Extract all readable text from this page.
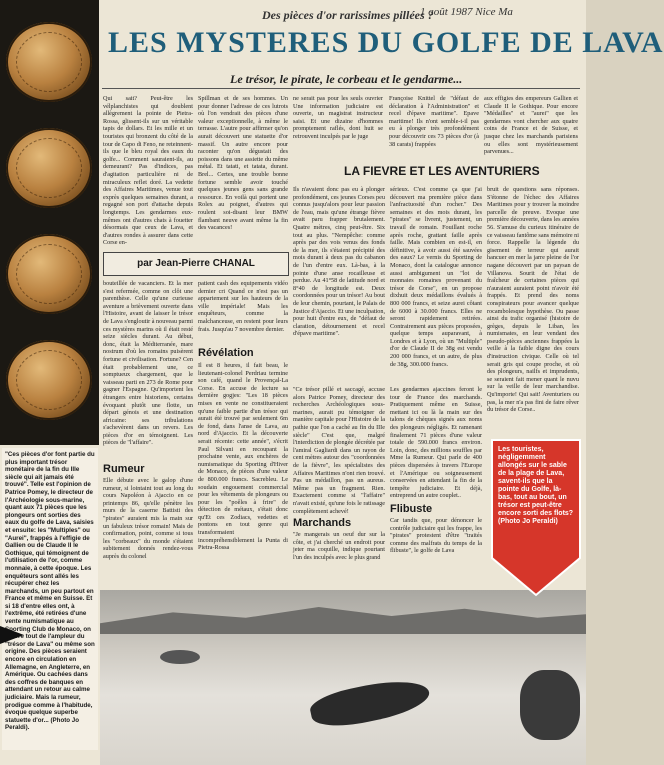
Des pièces d'or rarissimes pillées ?
1 août 1987 Nice Ma
LES MYSTERES DU GOLFE DE LAVA
Le trésor, le pirate, le corbeau et le gendarme...

Qui sait? Peut-être les vélplanchistes qui doublent allègrement la pointe de Pietra-Rossa, glissent-ils sur un véritable tapis de dollars. Et les mille et un touristes qui bronzent du côté de la tour de Capo di Feno, ne reteinnent-ils que le bleu royal des eaux du golfe... Comment sauraient-ils, au demeurant? Pas d'indices, pas d'agitation particulière ni de miraculeux reflet doré. La vedette des Affaires Maritimes, venue tout exprès quelques semaines durant, a regagné son port d'attache depuis longtemps. Les gendarmes eux-mêmes ont d'autres chats à fouetter désormais que ceux de Lava, et d'autres rondes à assurer dans cette Corse en-

Spillman et de ses hommes. Un pour donner l'adresse de ces lutrots où l'on vendrait des pièces d'une valeur exceptionnelle, à même le terrasse. L'autre pour affirmer qu'on aurait découvert une statuette d'or massif. Un autre encore pour raconter qu'on dégustait des poissons dans une assiette du même métal. Et tatati, et tatata, durant. Brel... Certes, une trouble bonne fortune semble avoir touché quelques jeunes gens sans grande ressource. En voilà qui portent une Rolex au poignet, d'autres qui roulent soi-disant leur BMW flambant neuve avant même la fin des vacances!

ne serait pas pour les seuls ouvrier Une information judiciaire est ouverte, un magistrat instructeur saisi. Et une dizaine d'hommes promptement raflés, dont huit se retrouvent inculpés par le juge

Françoise Knittel de "défaut de déclaration à l'Administration" et recel d'épave maritime". Epave maritime! Ils n'ont semble-t-il pas eu à plonger très profondément pour découvrir ces 73 pièces d'or (à 38 carats) frappées

aux effigies des empereurs Gallien et Claude II le Gothique. Pour encore "Médailles" et "aurei" que les gendarmes vont chercher aux quatre coins de France et de Suisse, et jusque chez les marchands parisiens ou elles sont mystérieusement parvenues...

par Jean-Pierre CHANAL

bouteillée de vacanciers. Et la mer s'est refermée, comme on clôt une parenthèse. Celle qu'une curieuse aventure a brièvement ouverte dans l'Histoire, avant de laisser le trésor de Lava s'engloutir à nouveau parmi ces mystères marins où il était resté seize siècles durant. Au début, donc, était la Méditerranée, mare nostrum d'où les romains puisèrent fortune et civilisation. Fortune? Cen était probablement une, ce somptueux chargement, que le vaisseau parti en 273 de Rome pour gagner l'Espagne. Qu'importent les étrangers entre historiens, certains évoquant plutôt une flotte, un départ génois et une destination africaine: ses tribulations s'achevèrent dans un revers. Les pièces d'or en témoignent. Les pièces de "l'affaire".

Rumeur

Elle débute avec le galop d'une rumeur, si lointaint tout au long du cours Napoléon à Ajaccio en ce printemps 86, qu'elle pénètre les murs de la caserne Battisti des "pirates" auraient mis la main sur un fabuleux trésor romain! Mais de confirmation, point, comme si tous les "corbeaux" du monde s'étaient subitement donnés rendez-vous auprès du colonel

patient cash des equipements vidéo dernier cri Quand ce n'est pas un appartement sur les hauteurs de la ville impériale! Mais les enquêteurs, comme la malchanceuse, en restent pour leurs frais. Jusqu'au 7 novembre dernier.

Révélation

Il est 8 heures, il fait beau, le lieutenant-colonel Perdriau termine son café, quand le Provençal-La Corse. En accuse de lecture sa dernière gogjes: "Les 18 pièces mises en vente ne constitueraient qu'une faible partie d'un trésor qui aurait été trouvé par seulement 6m de fond, dans l'anse de Lava, au nord d'Ajaccio. Et la découverte serait récente: cette année", s'écrit Paul Silvani en recoupant la prochaine vente, aux enchères de numismatique du Sporting d'Hiver de Monaco, de pièces d'une valeur de 800.000 francs. Sacrebleu. Le soudain engouement commercial pour les vêtements de plongeurs ou pour les "poêles à frire" de détection de métaux, s'était donc qu'Et ces Zodiacs, vedettes et pontons en tout genre qui transformaient incompréhensiblement la Punta di Pietra-Rossa

LA FIEVRE ET LES AVENTURIERS

Ils n'avaient donc pas eu à plonger profondément, ces jeunes Corses peu connus jusqu'alors pour leur passion de l'eau, mais qu'une étrange fièvre avait paru frapper brutalement. Quatre mètres, cinq peut-être. Six tout au plus. "Nempêche: comme après par des vois venus des fonds de la mer, ils s'étaient précipité des mois durant à deux pas du cabanon de l'un d'entre eux. Là-bas, à la pointe d'une anse rocailleuse et perdue. Au 41°58 de latitude nord et 8°40 de longitude est. Deux coordonnées pour un trésor! Au bout de leur chemin, pourtant, le Palais de Justice d'Ajaccio. Et une inculpation, pour huit d'entre eux, de "défaut de claration, détournement et recel d'épave maritime".

"Ce trésor pillé et saccagé, accuse alors Patrice Pomey, directeur des recherches Archéologiques sous-marines, aurait pu témoigner de manière capitale pour l'Histoire de la pathie que l'on a caché au fin du IIIe siècle" C'est que, malgré l'interdiction de plongée décrétée par l'amiral Gagliardi dans un rayon de cent mètres autour des "coordonnées de la fièvre", les spécialistes des Affaires Maritimes n'ont rien trouvé. Pas un médaillon, pas un aureus. Même pas un fragment. Rien. Exactement comme si "l'affaire" n'avait existé, qu'une fois le ratissage complètement achevé!

Marchands

"Je mangerais un oeuf dur sur la côte, et j'ai cherché un endroit pour jeter ma coquille, indique pourtant l'un des inculpés avec le plus grand

sérieux. C'est comme ça que j'ai découvert ma première pièce dans l'anfractuosité d'un rocher." Des semaines et des mois durant, les "pirates" se livrent, justement, un travail de romain. Fouillant roche après roche, grattant faille après faille. Mais combien en est-il, en définitive, à avoir aussi été sauvées des eaux? Le vernis du Sporting de Monaco, dont la catalogue annonce aussi ambigument un "lot de monnaies romaines provenant du trésor de Corse", en un propose dixhuit deux médaillons évalués à 800 000 francs, et seize aurei côtant de 6000 à 30.000 francs. Elles ne seront rapidement retirées. Contrairement aux pièces proposées, quelque temps auparavant, à Londres et à Lyon, où un "Multiple" d'or de Claude II de 38g est vendu 200 000 francs, et un autre, de plus de 38g, 300.000 francs.

Les gendarmes ajaccines feront le tour de France des marchands. Pratiquement même en Suisse, mettant ici ou là la main sur des talons de chèques signés aux noms des plongeurs négligés. Et ramenant finalement 71 pièces d'une valeur totale de 590.000 francs environ. Loin, donc, des millions souffles par Mme la Rumeur. Qui parle de 400 pièces dispersées à travers l'Europe et l'Amérique ou soigneusement conservées en attendant la fin de la tempête judiciaire. Et déjà, entreprend un autre couplet..

Flibuste

Car tandis que, pour dénoncer le contrôle judiciaire qui les frappe, les "pirates" protestent d'être "traités comme des malfrats du temps de la flibuste", le golfe de Lava

bruit de questions sans réponses. S'étonne de l'échec des Affaires Maritimes pour y trouver la moindre parcelle de preuve. Evoque une première découverte, dans les années 56. S'amuse du curieux itinéraire de ce vaisseau fantôme sans mémoire ni force. Rappelle la légende du gisement de terreur qui aurait hancuer en mer la jarre pleine de l'or nagane découvert par un paysan de Villanova. Sourit de l'état de fraîcheur de certaines pièces qui n'auraient auraient point n'avoir été frappés. Et prend des noms conspirateurs pour avancer quelque rocambolesque hypothèse. Ou passe ainsi du trafic organisé (histoire de grèges, depuis le Liban, les numismates, en leur vendant des pseudo-pièces anciennes frappées la veille à la faible digne des cours d'instruction civique. Celle où tel serait gris qui coupe proche, et où des plongeurs, nailfs et imprudents, se seraient fait mener quant le nuvu sur la veille de leur marchandise. Qu'importe! Qui sait! Aventuriers ou pas, la mer n'a pas fini de faire rêver du trésor de Corse..

"Ces pièces d'or font partie du plus important trésor monétaire de la fin du IIIe siècle qui ait jamais été trouvé". Telle est l'opinion de Patrice Pomey, le directeur de l'Archéologie sous-marine, quant aux 71 pièces que les plongeurs ont sorties des eaux du golfe de Lava, saisies et ensuite: les "Multiples" ou "Aurei", frappés à l'effigie de Gallien ou de Claude II le Gothique, qui témoignent de l'utilisation de l'or, comme monnaie, à cette époque. Les enquêteurs sont allés les récupérer chez les marchands, un peu partout en France et même en Suisse. Et si 18 d'entre elles ont, à l'extrême, été retirées d'une vente numismatique au Sporting Club de Monaco, on ignore tout de l'ampleur du "trésor de Lava" ou même son origine. Des pièces seraient encore en circulation en Allemagne, en Angleterre, en Amérique. Ou cachées dans des coffres de banques en attendant un retour au calme judiciaire. Mais la rumeur, prodigue comme à l'habitude, évoque quelque superbe statuette d'or... (Photo Jo Peraldi).
Les touristes, négligemment allongés sur le sable de la plage de Lava, savent-ils que la pointe du Golfe, là-bas, tout au bout, un trésor est peut-être encore sorti des flots? (Photo Jo Peraldi)
